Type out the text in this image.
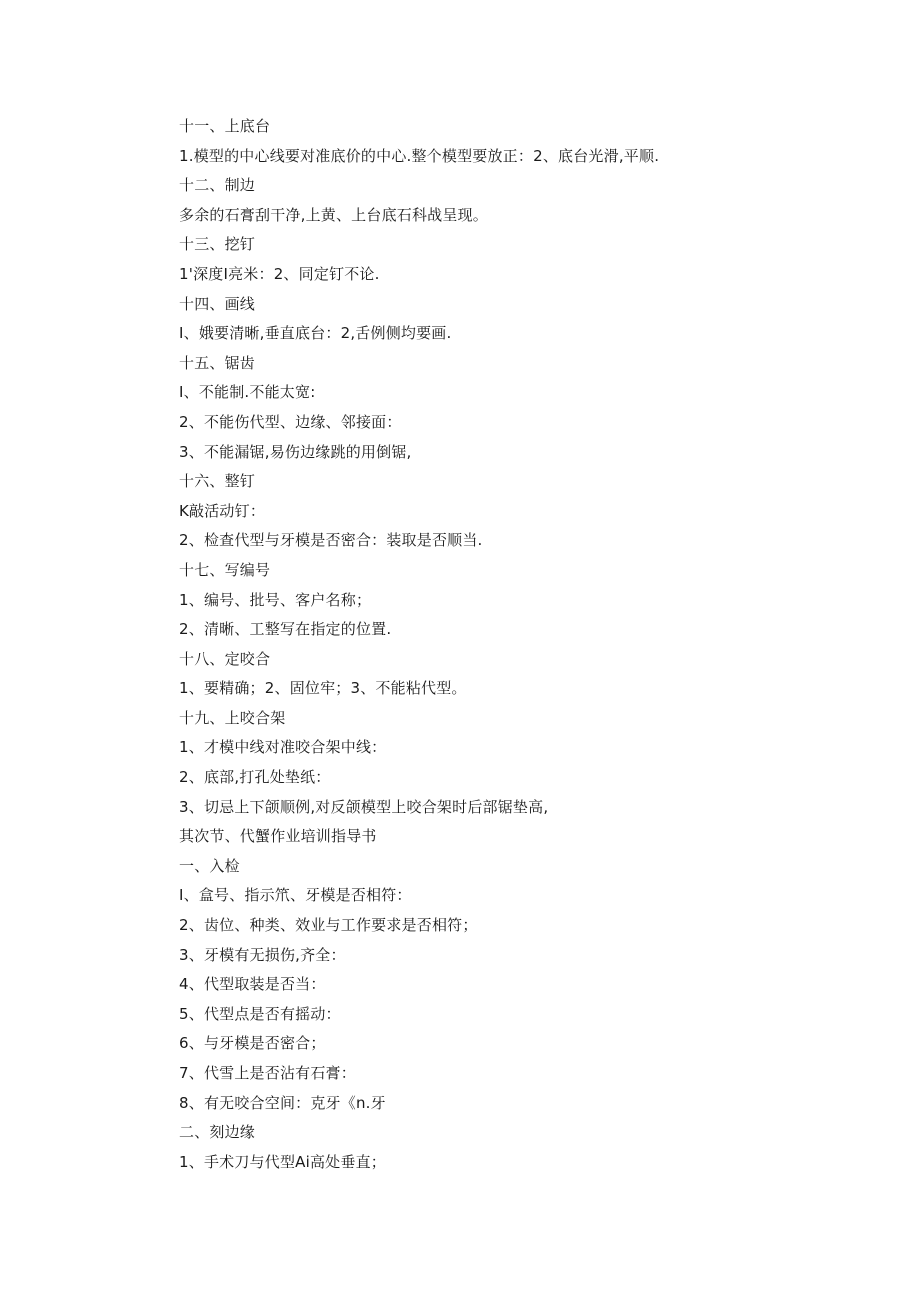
十一、上底台
1.模型的中心线要对准底价的中心.整个模型要放正：2、底台光滑,平顺.
十二、制边
多余的石膏刮干净,上黄、上台底石科战呈现。
十三、挖钉
1'深度I亮米：2、同定钉不论.
十四、画线
I、娥要清晰,垂直底台：2,舌例侧均要画.
十五、锯齿
I、不能制.不能太宽:
2、不能伤代型、边缘、邻接面：
3、不能漏锯,易伤边缘跳的用倒锯,
十六、整钉
K敲活动钉：
2、检查代型与牙模是否密合：装取是否顺当.
十七、写编号
1、编号、批号、客户名称；
2、清晰、工整写在指定的位置.
十八、定咬合
1、要精确；2、固位牢；3、不能粘代型。
十九、上咬合架
1、才模中线对准咬合架中线：
2、底部,打孔处垫纸：
3、切忌上下颌顺例,对反颌模型上咬合架时后部锯垫高,
其次节、代蟹作业培训指导书
一、入检
I、盒号、指示笊、牙模是否相符：
2、齿位、种类、效业与工作要求是否相符；
3、牙模有无损伤,齐全：
4、代型取装是否当：
5、代型点是否有摇动：
6、与牙模是否密合；
7、代雪上是否沾有石膏：
8、有无咬合空间：克牙《n.牙
二、刻边缘
1、手术刀与代型Ai高处垂直；
